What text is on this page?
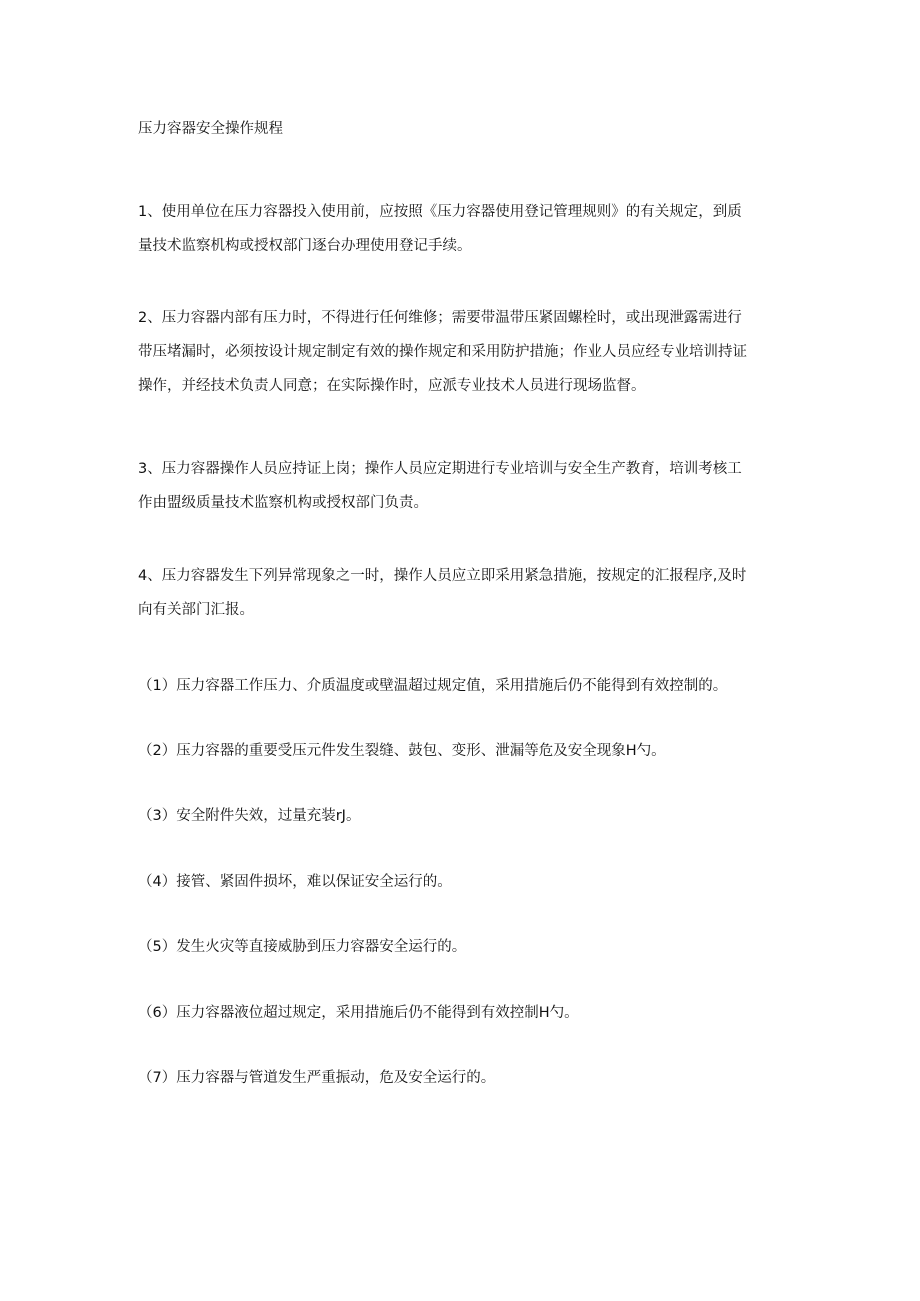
压力容器安全操作规程
1、使用单位在压力容器投入使用前，应按照《压力容器使用登记管理规则》的有关规定，到质
量技术监察机构或授权部门逐台办理使用登记手续。
2、压力容器内部有压力时，不得进行任何维修；需要带温带压紧固螺栓时，或出现泄露需进行
带压堵漏时，必须按设计规定制定有效的操作规定和采用防护措施；作业人员应经专业培训持证
操作，并经技术负责人同意；在实际操作时，应派专业技术人员进行现场监督。
3、压力容器操作人员应持证上岗；操作人员应定期进行专业培训与安全生产教育，培训考核工
作由盟级质量技术监察机构或授权部门负责。
4、压力容器发生下列异常现象之一时，操作人员应立即采用紧急措施，按规定的汇报程序,及时
向有关部门汇报。

（1）压力容器工作压力、介质温度或壁温超过规定值，采用措施后仍不能得到有效控制的。

（2）压力容器的重要受压元件发生裂缝、鼓包、变形、泄漏等危及安全现象H勺。

（3）安全附件失效，过量充装rJ。

（4）接管、紧固件损坏，难以保证安全运行的。

（5）发生火灾等直接威胁到压力容器安全运行的。

（6）压力容器液位超过规定，采用措施后仍不能得到有效控制H勺。

（7）压力容器与管道发生严重振动，危及安全运行的。
